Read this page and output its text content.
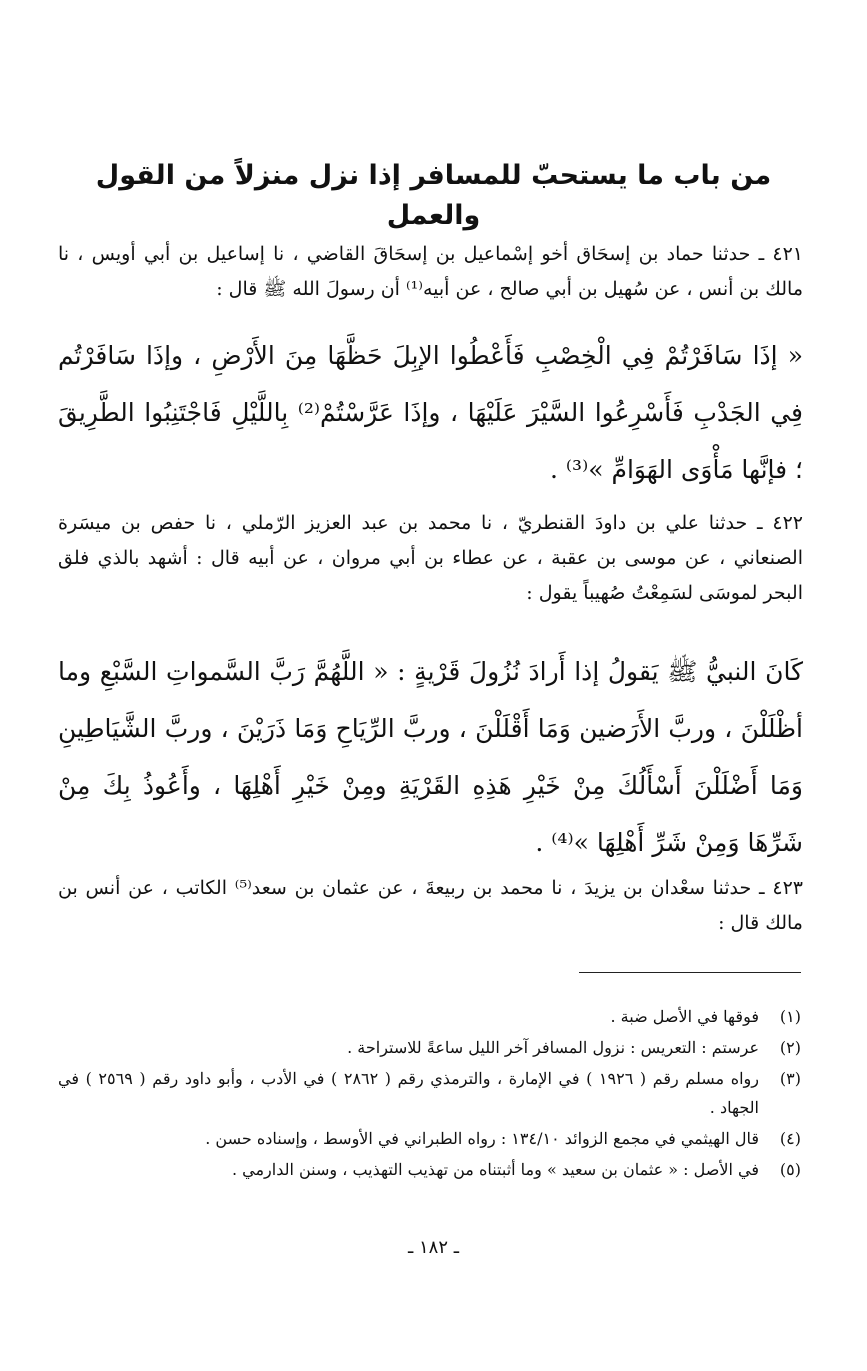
من باب ما يستحبّ للمسافر إذا نزل منزلاً من القول والعمل

٤٢١ ـ حدثنا حماد بن إسحَاق أخو إسْماعيل بن إسحَاقَ القاضي ، نا إساعيل بن أبي أويس ، نا مالك بن أنس ، عن سُهيل بن أبي صالح ، عن أبيه⁽¹⁾ أن رسولَ الله ﷺ قال :

« إذَا سَافَرْتُمْ فِي الْخِصْبِ فَأَعْطُوا الإبِلَ حَظَّهَا مِنَ الأَرْضِ ، وإذَا سَافَرْتُم فِي الجَدْبِ فَأَسْرِعُوا السَّيْرَ عَلَيْهَا ، وإذَا عَرَّسْتُمْ⁽²⁾ بِاللَّيْلِ فَاجْتَنِبُوا الطَّرِيقَ ؛ فإنَّها مَأْوَى الهَوَامِّ »⁽³⁾ .

٤٢٢ ـ حدثنا علي بن داودَ القنطريّ ، نا محمد بن عبد العزيز الرّملي ، نا حفص بن ميسَرة الصنعاني ، عن موسى بن عقبة ، عن عطاء بن أبي مروان ، عن أبيه قال : أشهد بالذي فلق البحر لموسَى لسَمِعْتُ صُهيباً يقول :

كَانَ النبيُّ ﷺ يَقولُ إذا أَرادَ نُزُولَ قَرْيةٍ : « اللَّهُمَّ رَبَّ السَّمواتِ السَّبْعِ وما أظْلَلْنَ ، وربَّ الأَرَضين وَمَا أَقْلَلْنَ ، وربَّ الرِّيَاحِ وَمَا ذَرَيْنَ ، وربَّ الشَّيَاطِينِ وَمَا أَضْلَلْنَ أَسْأَلُكَ مِنْ خَيْرِ هَذِهِ القَرْيَةِ ومِنْ خَيْرِ أَهْلِهَا ، وأَعُوذُ بِكَ مِنْ شَرِّهَا وَمِنْ شَرِّ أَهْلِهَا »⁽⁴⁾ .

٤٢٣ ـ حدثنا سعْدان بن يزيدَ ، نا محمد بن ربيعةَ ، عن عثمان بن سعد⁽⁵⁾ الكاتب ، عن أنس بن مالك قال :

(١)
فوقها في الأصل ضبة .
(٢)
عرستم : التعريس : نزول المسافر آخر الليل ساعةً للاستراحة .
(٣)
رواه مسلم رقم ( ١٩٢٦ ) في الإمارة ، والترمذي رقم ( ٢٨٦٢ ) في الأدب ، وأبو داود رقم ( ٢٥٦٩ ) في الجهاد .
(٤)
قال الهيثمي في مجمع الزوائد ١٣٤/١٠ : رواه الطبراني في الأوسط ، وإسناده حسن .
(٥)
في الأصل : « عثمان بن سعيد » وما أثبتناه من تهذيب التهذيب ، وسنن الدارمي .
ـ ١٨٢ ـ
